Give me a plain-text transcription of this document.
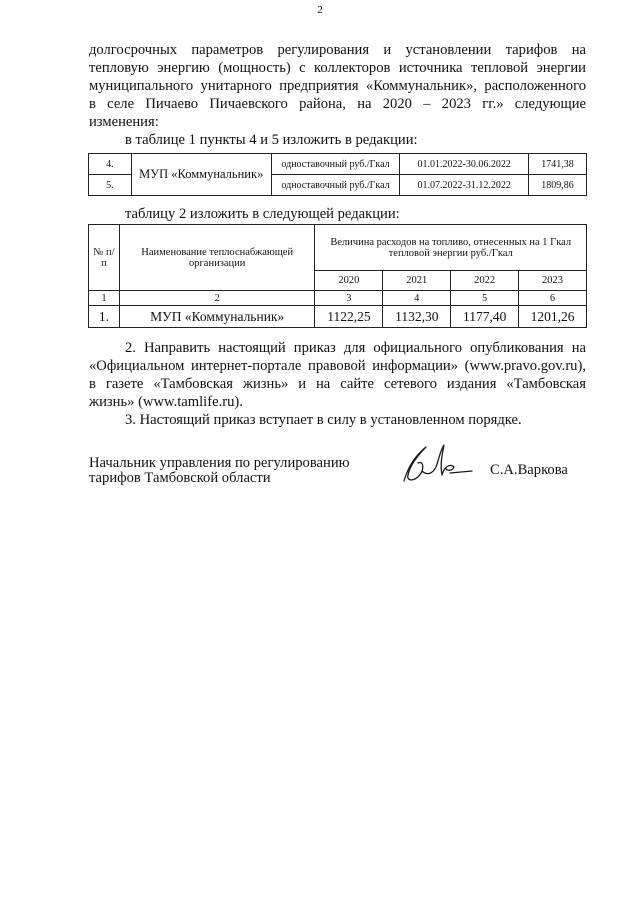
2
долгосрочных параметров регулирования и установлении тарифов на
тепловую энергию (мощность) с коллекторов источника тепловой энергии
муниципального унитарного предприятия «Коммунальник», расположенного
в селе Пичаево Пичаевского района, на 2020 – 2023 гг.» следующие
изменения:
в таблице 1 пункты 4 и 5 изложить в редакции:
4.	МУП «Коммунальник»	одноставочный руб./Гкал	01.01.2022-30.06.2022	1741,38
5.		одноставочный руб./Гкал	01.07.2022-31.12.2022	1809,86
таблицу 2 изложить в следующей редакции:
№ п/п	Наименование теплоснабжающей организации	Величина расходов на топливо, отнесенных на 1 Гкал тепловой энергии руб./Гкал			
		2020	2021	2022	2023
1	2	3	4	5	6
1.	МУП «Коммунальник»	1122,25	1132,30	1177,40	1201,26
2. Направить настоящий приказ для официального опубликования на
«Официальном интернет-портале правовой информации» (www.pravo.gov.ru),
в газете «Тамбовская жизнь» и на сайте сетевого издания «Тамбовская
жизнь» (www.tamlife.ru).
3. Настоящий приказ вступает в силу в установленном порядке.
Начальник управления по регулированию
тарифов Тамбовской области	С.А.Варкова
